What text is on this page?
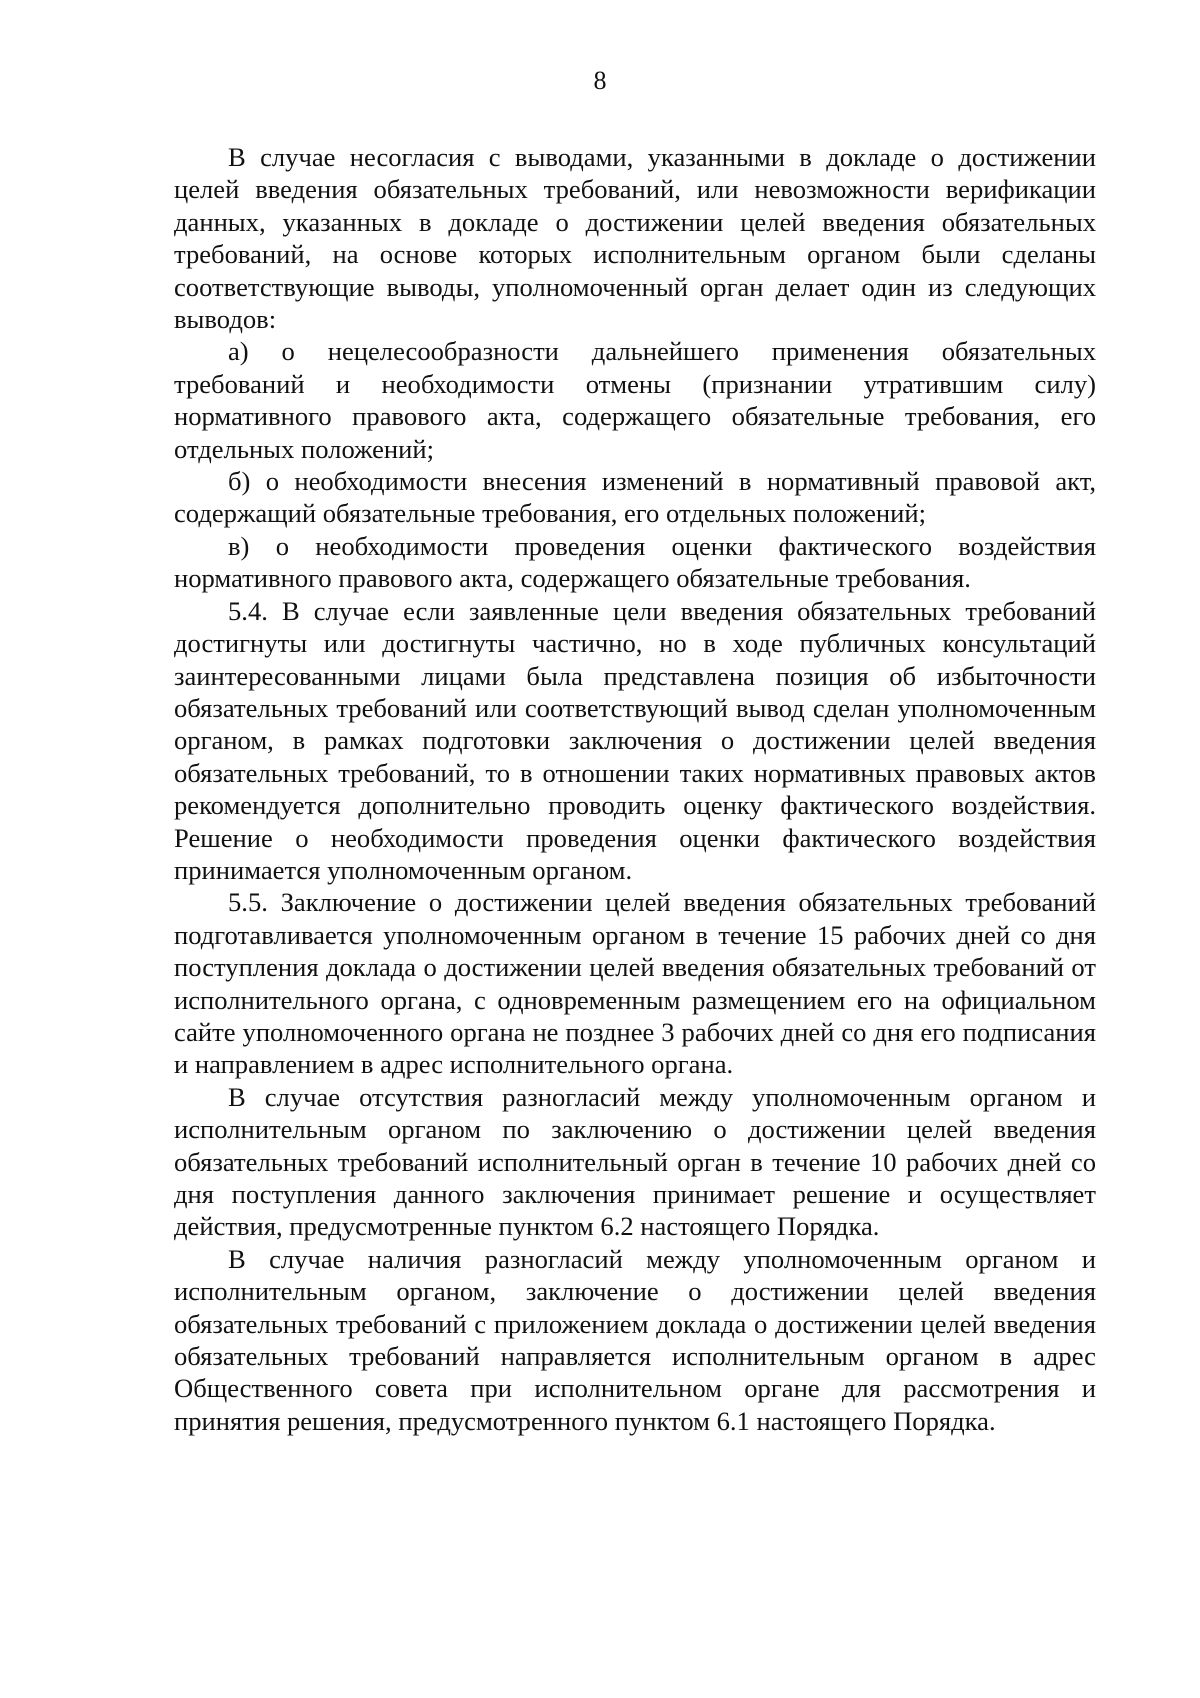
8

В случае несогласия с выводами, указанными в докладе о достижении целей введения обязательных требований, или невозможности верификации данных, указанных в докладе о достижении целей введения обязательных требований, на основе которых исполнительным органом были сделаны соответствующие выводы, уполномоченный орган делает один из следующих выводов:

а) о нецелесообразности дальнейшего применения обязательных требований и необходимости отмены (признании утратившим силу) нормативного правового акта, содержащего обязательные требования, его отдельных положений;

б) о необходимости внесения изменений в нормативный правовой акт, содержащий обязательные требования, его отдельных положений;

в) о необходимости проведения оценки фактического воздействия нормативного правового акта, содержащего обязательные требования.

5.4. В случае если заявленные цели введения обязательных требований достигнуты или достигнуты частично, но в ходе публичных консультаций заинтересованными лицами была представлена позиция об избыточности обязательных требований или соответствующий вывод сделан уполномоченным органом, в рамках подготовки заключения о достижении целей введения обязательных требований, то в отношении таких нормативных правовых актов рекомендуется дополнительно проводить оценку фактического воздействия. Решение о необходимости проведения оценки фактического воздействия принимается уполномоченным органом.

5.5. Заключение о достижении целей введения обязательных требований подготавливается уполномоченным органом в течение 15 рабочих дней со дня поступления доклада о достижении целей введения обязательных требований от исполнительного органа, с одновременным размещением его на официальном сайте уполномоченного органа не позднее 3 рабочих дней со дня его подписания и направлением в адрес исполнительного органа.

В случае отсутствия разногласий между уполномоченным органом и исполнительным органом по заключению о достижении целей введения обязательных требований исполнительный орган в течение 10 рабочих дней со дня поступления данного заключения принимает решение и осуществляет действия, предусмотренные пунктом 6.2 настоящего Порядка.

В случае наличия разногласий между уполномоченным органом и исполнительным органом, заключение о достижении целей введения обязательных требований с приложением доклада о достижении целей введения обязательных требований направляется исполнительным органом в адрес Общественного совета при исполнительном органе для рассмотрения и принятия решения, предусмотренного пунктом 6.1 настоящего Порядка.
